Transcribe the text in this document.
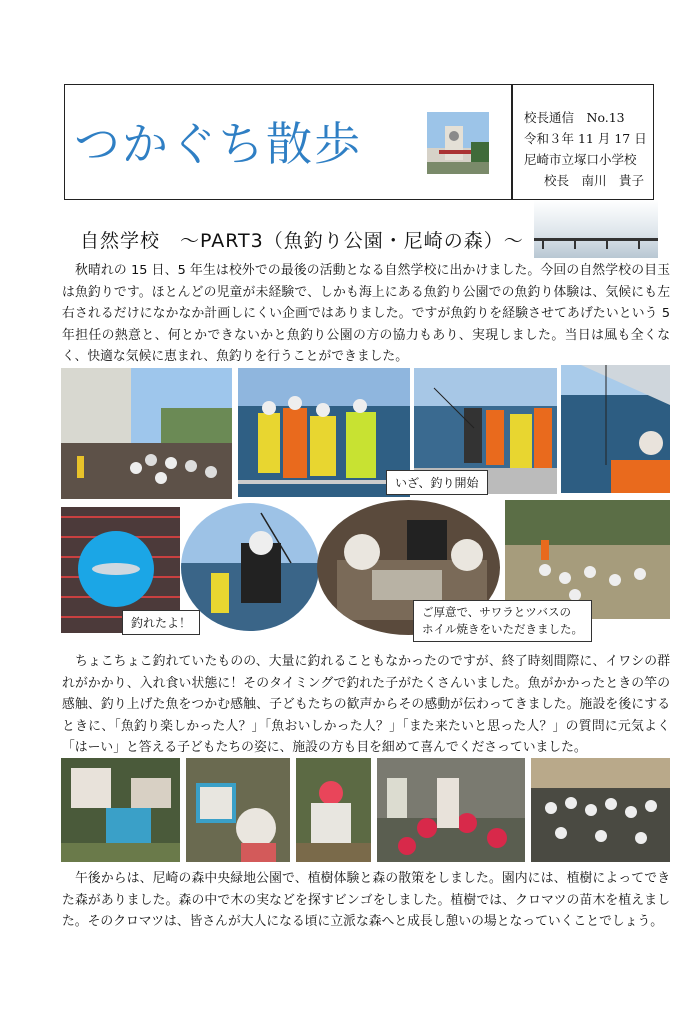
つかぐち散歩	校長通信　No.13
令和３年 11 月 17 日
尼崎市立塚口小学校
校長　南川　貴子
自然学校　～PART3（魚釣り公園・尼崎の森）～
　秋晴れの 15 日、5 年生は校外での最後の活動となる自然学校に出かけました。今回の自然学校の目玉は魚釣りです。ほとんどの児童が未経験で、しかも海上にある魚釣り公園での魚釣り体験は、気候にも左右されるだけになかなか計画しにくい企画ではありました。ですが魚釣りを経験させてあげたいという 5 年担任の熱意と、何とかできないかと魚釣り公園の方の協力もあり、実現しました。当日は風も全くなく、快適な気候に恵まれ、魚釣りを行うことができました。
いざ、釣り開始
釣れたよ！
ご厚意で、サワラとツバスの
ホイル焼きをいただきました。
　ちょこちょこ釣れていたものの、大量に釣れることもなかったのですが、終了時刻間際に、イワシの群れがかかり、入れ食い状態に！そのタイミングで釣れた子がたくさんいました。魚がかかったときの竿の感触、釣り上げた魚をつかむ感触、子どもたちの歓声からその感動が伝わってきました。施設を後にするときに、「魚釣り楽しかった人？」「魚おいしかった人？」「また来たいと思った人？」の質問に元気よく「はーい」と答える子どもたちの姿に、施設の方も目を細めて喜んでくださっていました。
　午後からは、尼崎の森中央緑地公園で、植樹体験と森の散策をしました。園内には、植樹によってできた森がありました。森の中で木の実などを探すビンゴをしました。植樹では、クロマツの苗木を植えました。そのクロマツは、皆さんが大人になる頃に立派な森へと成長し憩いの場となっていくことでしょう。
